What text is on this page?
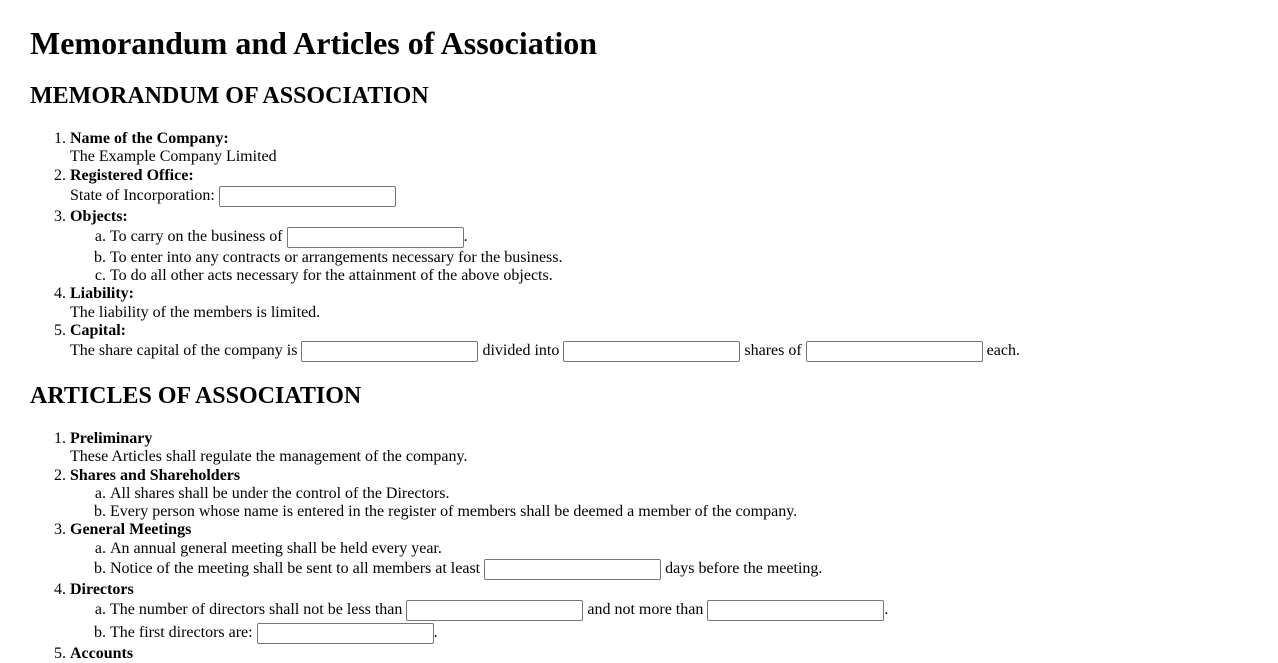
Memorandum and Articles of Association
MEMORANDUM OF ASSOCIATION
1. Name of the Company:
The Example Company Limited
2. Registered Office:
State of Incorporation:
3. Objects:
a. To carry on the business of	.
b. To enter into any contracts or arrangements necessary for the business.
c. To do all other acts necessary for the attainment of the above objects.
4. Liability:
The liability of the members is limited.
5. Capital:
The share capital of the company is	divided into	shares of	each.
ARTICLES OF ASSOCIATION
1. Preliminary
These Articles shall regulate the management of the company.
2. Shares and Shareholders
a. All shares shall be under the control of the Directors.
b. Every person whose name is entered in the register of members shall be deemed a member of the company.
3. General Meetings
a. An annual general meeting shall be held every year.
b. Notice of the meeting shall be sent to all members at least	days before the meeting.
4. Directors
a. The number of directors shall not be less than	and not more than	.
b. The first directors are:	.
5. Accounts
